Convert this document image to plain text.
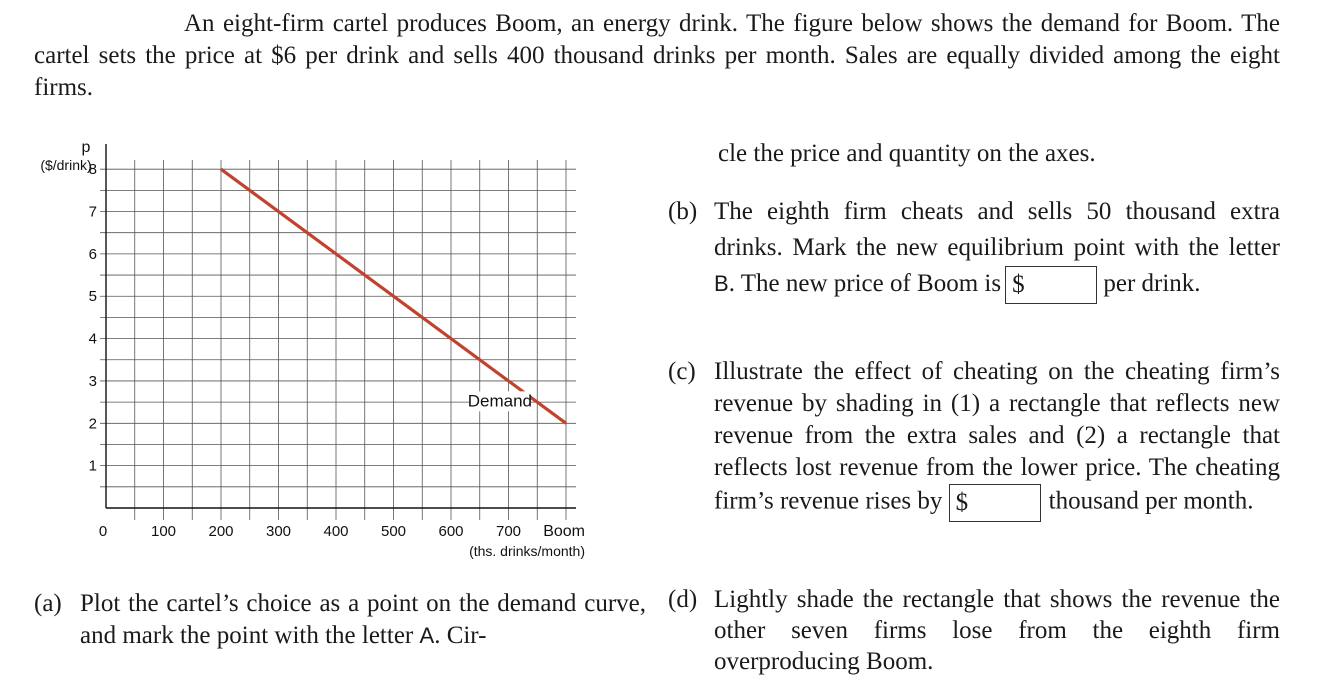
An eight-firm cartel produces Boom, an energy drink. The figure below shows the demand for Boom. The cartel sets the price at $6 per drink and sells 400 thousand drinks per month. Sales are equally divided among the eight firms.
1
2
3
4
5
6
7
8
100 200 300 400 500 600 700
0
p
($/drink)
Boom
(ths. drinks/month)
Demand
(a) Plot the cartel’s choice as a point on the demand curve, and mark the point with the letter A. Cir-
cle the price and quantity on the axes.
(b) The eighth firm cheats and sells 50 thousand extra drinks. Mark the new equilibrium point with the letter B. The new price of Boom is $	per drink.
(c) Illustrate the effect of cheating on the cheating firm’s revenue by shading in (1) a rectangle that reflects new revenue from the extra sales and (2) a rectangle that reflects lost revenue from the lower price. The cheating firm’s revenue rises by $	thousand per month.
(d) Lightly shade the rectangle that shows the revenue the other seven firms lose from the eighth firm overproducing Boom.
